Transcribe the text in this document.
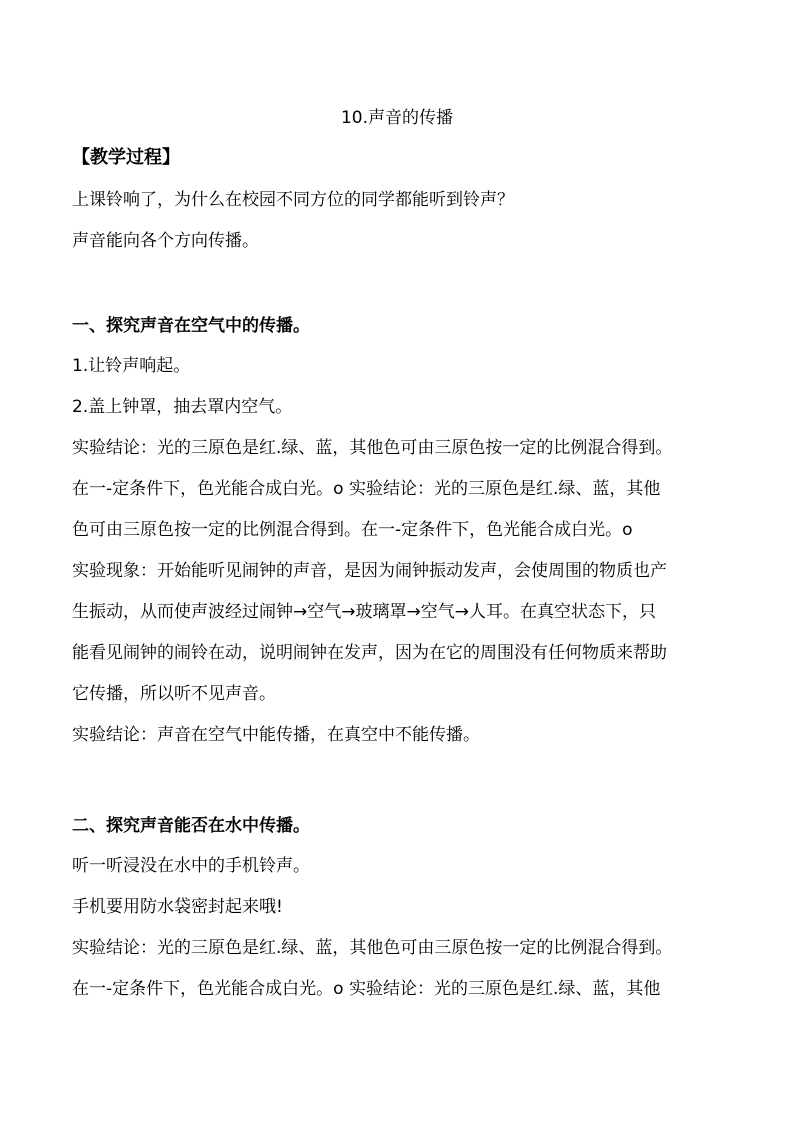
10.声音的传播
【教学过程】
上课铃响了，为什么在校园不同方位的同学都能听到铃声？
声音能向各个方向传播。
一、探究声音在空气中的传播。
1.让铃声响起。
2.盖上钟罩，抽去罩内空气。
实验结论：光的三原色是红.绿、蓝，其他色可由三原色按一定的比例混合得到。
在一-定条件下，色光能合成白光。o 实验结论：光的三原色是红.绿、蓝，其他
色可由三原色按一定的比例混合得到。在一-定条件下，色光能合成白光。o
实验现象：开始能听见闹钟的声音，是因为闹钟振动发声，会使周围的物质也产
生振动，从而使声波经过闹钟→空气→玻璃罩→空气→人耳。在真空状态下，只
能看见闹钟的闹铃在动，说明闹钟在发声，因为在它的周围没有任何物质来帮助
它传播，所以听不见声音。
实验结论：声音在空气中能传播，在真空中不能传播。
二、探究声音能否在水中传播。
听一听浸没在水中的手机铃声。
手机要用防水袋密封起来哦!
实验结论：光的三原色是红.绿、蓝，其他色可由三原色按一定的比例混合得到。
在一-定条件下，色光能合成白光。o 实验结论：光的三原色是红.绿、蓝，其他
